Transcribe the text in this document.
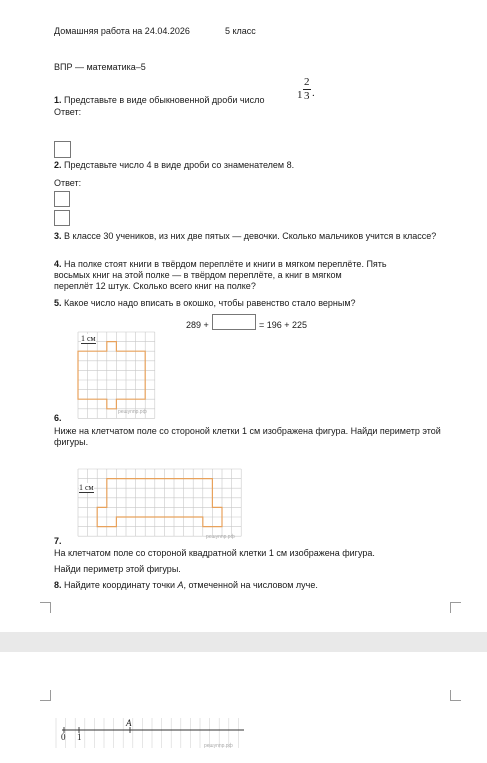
Домашняя работа на 24.04.2026	5 класс
ВПР — математика–5
1. Представьте в виде обыкновенной дроби число	1
2
3 .
Ответ:
2. Представьте число 4 в виде дроби со знаменателем 8.
Ответ:
3. В классе 30 учеников, из них две пятых — девочки. Сколько мальчиков учится в классе?
4. На полке стоят книги в твёрдом переплёте и книги в мягком переплёте. Пять
восьмых книг на этой полке — в твёрдом переплёте, а книг в мягком
переплёт 12 штук. Сколько всего книг на полке?
5. Какое число надо вписать в окошко, чтобы равенство стало верным?
289 +	= 196 + 225
1 см
решуnnp.рф
6.
Ниже на клетчатом поле со стороной клетки 1 см изображена фигура. Найди периметр этой фигуры.
1 см
решуnnp.рф
7.
На клетчатом поле со стороной квадратной клетки 1 см изображена фигура.
Найди периметр этой фигуры.
8. Найдите координату точки A, отмеченной на числовом луче.
A
0 1
решуnnp.рф
